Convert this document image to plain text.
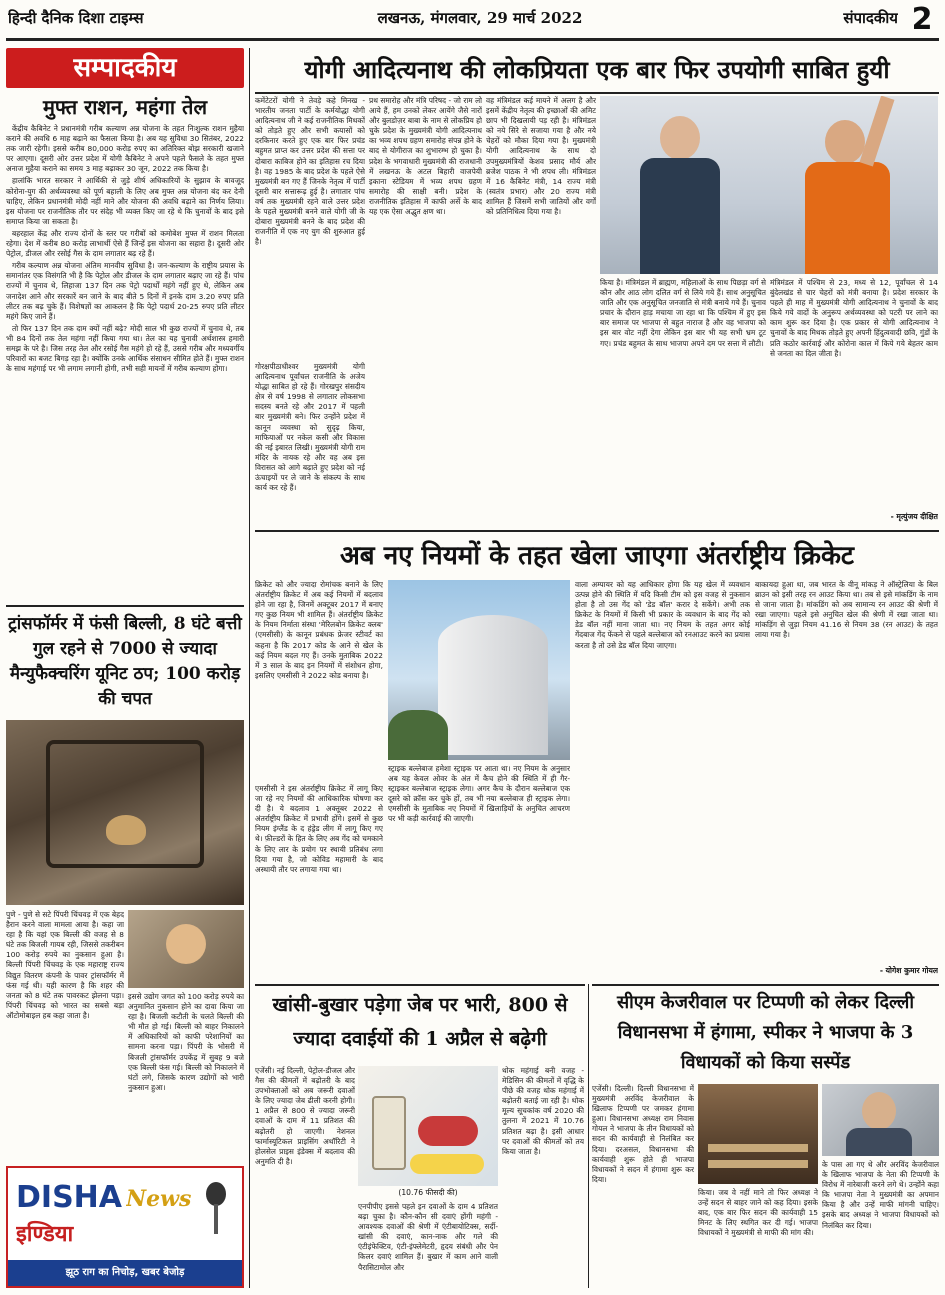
हिन्दी दैनिक दिशा टाइम्स	लखनऊ, मंगलवार, 29 मार्च 2022	संपादकीय 2
सम्पादकीय
मुफ्त राशन, महंगा तेल

केंद्रीय कैबिनेट ने प्रधानमंत्री गरीब कल्याण अन्न योजना के तहत निःशुल्क राशन मुहैया कराने की अवधि 6 माह बढ़ाने का फैसला किया है। अब यह सुविधा 30 सितंबर, 2022 तक जारी रहेगी। इससे करीब 80,000 करोड़ रुपए का अतिरिक्त बोझ सरकारी खजाने पर आएगा। दूसरी ओर उत्तर प्रदेश में योगी कैबिनेट ने अपने पहले फैसले के तहत मुफ्त अनाज मुहैया कराने का समय 3 माह बढ़ाकर 30 जून, 2022 तक किया है।

हालांकि भारत सरकार ने आर्थिकी से जुड़े शीर्ष अधिकारियों के सुझाव के बावजूद कोरोना-युग की अर्थव्यवस्था को पूर्ण बहाली के लिए अब मुफ्त अन्न योजना बंद कर देनी चाहिए, लेकिन प्रधानमंत्री मोदी नहीं माने और योजना की अवधि बढ़ाने का निर्णय लिया। इस योजना पर राजनीतिक तौर पर संदेह भी व्यक्त किए जा रहे थे कि चुनावों के बाद इसे समाप्त किया जा सकता है।

बहरहाल केंद्र और राज्य दोनों के स्तर पर गरीबों को कमोबेश मुफ्त में राशन मिलता रहेगा। देश में करीब 80 करोड़ लाभार्थी ऐसे हैं जिन्हें इस योजना का सहारा है। दूसरी ओर पेट्रोल, डीजल और रसोई गैस के दाम लगातार बढ़ रहे हैं।

गरीब कल्याण अन्न योजना अंतिम मानवीय सुविधा है। जन-कल्याण के राष्ट्रीय प्रयास के समानांतर एक विसंगति भी है कि पेट्रोल और डीजल के दाम लगातार बढ़ाए जा रहे हैं। पांच राज्यों में चुनाव थे, लिहाजा 137 दिन तक पेट्रो पदार्थों महंगे नहीं हुए थे, लेकिन अब जनादेश आने और सरकारें बन जाने के बाद बीते 5 दिनों में इनके दाम 3.20 रुपए प्रति लीटर तक बढ़ चुके हैं। विशेषज्ञों का आकलन है कि पेट्रो पदार्थ 20-25 रुपए प्रति लीटर महंगे किए जाने हैं।

तो फिर 137 दिन तक दाम क्यों नहीं बढ़े? मोदी साल भी कुछ राज्यों में चुनाव थे, तब भी 84 दिनों तक तेल महंगा नहीं किया गया था। तेल का यह चुनावी अर्थशास्त्र हमारी समझ के परे है। जिस तरह तेल और रसोई गैस महंगे हो रहे हैं, उससे गरीब और मध्यवर्गीय परिवारों का बजट बिगड़ रहा है। क्योंकि उनके आर्थिक संसाधन सीमित होते हैं। मुफ्त राशन के साथ महंगाई पर भी लगाम लगानी होगी, तभी सही मायनों में गरीब कल्याण होगा।

ट्रांसफॉर्मर में फंसी बिल्ली, 8 घंटे बत्ती गुल रहने से 7000 से ज्यादा मैन्युफैक्चरिंग यूनिट ठप; 100 करोड़ की चपत
पुणे - पुणे से सटे पिंपरी चिंचवड़ में एक बेहद हैरान करने वाला मामला आया है। कहा जा रहा है कि यहां एक बिल्ली की वजह से 8 घंटे तक बिजली गायब रही, जिससे तकरीबन 100 करोड़ रुपये का नुकसान हुआ है। बिल्ली पिंपरी चिंचवड़ के एक महाराष्ट्र राज्य विद्युत वितरण कंपनी के पावर ट्रांसफॉर्मर में फंस गई थी। यही कारण है कि शहर की जनता को 8 घंटे तक पावरकट झेलना पड़ा। पिंपरी चिंचवड़ को भारत का सबसे बड़ा ऑटोमोबाइल हब कहा जाता है।
इससे उद्योग जगत को 100 करोड़ रुपये का अनुमानित नुकसान होने का दावा किया जा रहा है। बिजली कटौती के चलते बिल्ली की भी मौत हो गई। बिल्ली को बाहर निकालने में अधिकारियों को काफी परेशानियों का सामना करना पड़ा। पिंपरी के भोसरी में बिजली ट्रांसफॉर्मर उपकेंद्र में सुबह 9 बजे एक बिल्ली फंस गई। बिल्ली को निकालने में घंटों लगे, जिसके कारण उद्योगों को भारी नुकसान हुआ।
DISHA News
इण्डिया
झूठ राग का निचोड़, खबर बेजोड़
योगी आदित्यनाथ की लोकप्रियता एक बार फिर उपयोगी साबित हुयी
कमेंटेटरों योगी ने तेवड़े कहे मिनख - भारतीय जनता पार्टी के कर्मयोद्धा योगी आदित्यनाथ जी ने कई राजनीतिक मिथकों को तोड़ते हुए और सभी कयासों को दरकिनार करते हुए एक बार फिर प्रचंड बहुमत प्राप्त कर उत्तर प्रदेश की सत्ता पर दोबारा काबिज होने का इतिहास रच दिया है। वह 1985 के बाद प्रदेश के पहले ऐसे मुख्यमंत्री बन गए हैं जिनके नेतृत्व में पार्टी दूसरी बार सत्तारूढ़ हुई है। लगातार पांच वर्ष तक मुख्यमंत्री रहने वाले उत्तर प्रदेश के पहले मुख्यमंत्री बनने वाले योगी जी के दोबारा मुख्यमंत्री बनने के बाद प्रदेश की राजनीति में एक नए युग की शुरुआत हुई है।
गोरक्षपीठाधीश्वर मुख्यमंत्री योगी आदित्यनाथ पूर्वांचल राजनीति के अजेय योद्धा साबित हो रहे हैं। गोरखपुर संसदीय क्षेत्र से वर्ष 1998 से लगातार लोकसभा सदस्य बनते रहे और 2017 में पहली बार मुख्यमंत्री बने। फिर उन्होंने प्रदेश में कानून व्यवस्था को सुदृढ़ किया, माफियाओं पर नकेल कसी और विकास की नई इबारत लिखी। मुख्यमंत्री योगी राम मंदिर के नायक रहे और वह अब इस विरासत को आगे बढ़ाते हुए प्रदेश को नई ऊंचाइयों पर ले जाने के संकल्प के साथ कार्य कर रहे हैं।
प्रथ समारोह और मंत्रि परिषद - जो राम लो आये हैं, हम उनको लेकर आयेंगे जैसे नारों और बुलडोज़र बाबा के नाम से लोकप्रिय हो चुके प्रदेश के मुख्यमंत्री योगी आदित्यनाथ का भव्य शपथ ग्रहण समारोह संपन्न होने के बाद से योगीराज का शुभारम्भ हो चुका है। प्रदेश के भगवाधारी मुख्यमंत्री की राजधानी में लखनऊ के अटल बिहारी वाजपेयी इकाना स्टेडियम में भव्य शपथ ग्रहण समारोह की साक्षी बनी। प्रदेश के राजनीतिक इतिहास में काफी अर्से के बाद यह एक ऐसा अद्भुत क्षण था।
वह मंत्रिमंडल कई मायने में अलग है और इसमें केंद्रीय नेतृत्व की इच्छाओं की अमिट छाप भी दिखलायी पड़ रही है। मंत्रिमंडल को नये सिरे से सजाया गया है और नये चेहरों को मौका दिया गया है। मुख्यमंत्री योगी आदित्यनाथ के साथ दो उपमुख्यमंत्रियों केशव प्रसाद मौर्य और ब्रजेश पाठक ने भी शपथ ली। मंत्रिमंडल में 16 कैबिनेट मंत्री, 14 राज्य मंत्री (स्वतंत्र प्रभार) और 20 राज्य मंत्री शामिल हैं जिसमें सभी जातियों और वर्गों को प्रतिनिधित्व दिया गया है।
किया है। मंत्रिमंडल में ब्राह्मण, महिलाओं के साथ पिछड़ा वर्ग से कौन और आठ लोग दलित वर्ग से लिये गये हैं। साथ अनुसूचित जाति और एक अनुसूचित जनजाति से मंत्री बनाये गये हैं। चुनाव प्रचार के दौरान हाड़ मचाया जा रहा था कि पश्चिम में हुए इस बार समाज पर भाजपा से बहुत नाराज है और वह भाजपा को इस बार वोट नहीं देगा लेकिन इस बार भी यह सभी भ्रम टूट गए। प्रचंड बहुमत के साथ भाजपा अपने दम पर सत्ता में लौटी।
मंत्रिमंडल में पश्चिम से 23, मध्य से 12, पूर्वांचल से 14 बुंदेलखंड से चार चेहरों को मंत्री बनाया है। प्रदेश सरकार के पहले ही माह में मुख्यमंत्री योगी आदित्यनाथ ने चुनावों के बाद किये गये वादों के अनुरूप अर्थव्यवस्था को पटरी पर लाने का काम शुरू कर दिया है। एक प्रकार से योगी आदित्यनाथ ने चुनावों के बाद मिथक तोड़ते हुए अपनी हिंदुत्ववादी छवि, गुंडों के प्रति कठोर कार्रवाई और कोरोना काल में किये गये बेहतर काम से जनता का दिल जीता है।
- मृत्युंजय दीक्षित
अब नए नियमों के तहत खेला जाएगा अंतर्राष्ट्रीय क्रिकेट
क्रिकेट को और ज्यादा रोमांचक बनाने के लिए अंतर्राष्ट्रीय क्रिकेट में अब कई नियमों में बदलाव होने जा रहा है, जिनमें अक्टूबर 2017 में बनाए गए कुछ नियम भी शामिल हैं। अंतर्राष्ट्रीय क्रिकेट के नियम निर्माता संस्था 'मेरिलबोन क्रिकेट क्लब' (एमसीसी) के कानून प्रबंधक फ्रेजर स्टीवर्ट का कहना है कि 2017 कोड के आने से खेल के कई नियम बदल गए हैं। उनके मुताबिक 2022 में 3 साल के बाद इन नियमों में संशोधन होगा, इसलिए एमसीसी ने 2022 कोड बनाया है।
एमसीसी ने इस अंतर्राष्ट्रीय क्रिकेट में लागू किए जा रहे नए नियमों की आधिकारिक घोषणा कर दी है। ये बदलाव 1 अक्तूबर 2022 से अंतर्राष्ट्रीय क्रिकेट में प्रभावी होंगे। इसमें से कुछ नियम इंग्लैंड के द हंड्रेड लीग में लागू किए गए थे। फ़ील्डरों के हित के लिए अब गेंद को चमकाने के लिए लार के प्रयोग पर स्थायी प्रतिबंध लगा दिया गया है, जो कोविड महामारी के बाद अस्थायी तौर पर लगाया गया था।
स्ट्राइक बल्लेबाज हमेशा स्ट्राइक पर आता था। नए नियम के अनुसार अब यह केवल ओवर के अंत में कैच होने की स्थिति में ही गैर-स्ट्राइकर बल्लेबाज स्ट्राइक लेगा। अगर कैच के दौरान बल्लेबाज एक दूसरे को क्रॉस कर चुके हों, तब भी नया बल्लेबाज ही स्ट्राइक लेगा। एमसीसी के मुताबिक नए नियमों में खिलाड़ियों के अनुचित आचरण पर भी कड़ी कार्रवाई की जाएगी।
वाला अम्पायर को यह आधिकार होगा कि यह खेल में व्यवधान उत्पन्न होने की स्थिति में यदि किसी टीम को इस वजह से नुकसान होता है तो उस गेंद को 'डेड बॉल' करार दे सकेंगे। अभी तक क्रिकेट के नियमों में किसी भी प्रकार के व्यवधान के बाद गेंद को डेड बॉल नहीं माना जाता था। नए नियम के तहत अगर कोई गेंदबाज गेंद फेंकने से पहले बल्लेबाज को रनआउट करने का प्रयास करता है तो उसे डेड बॉल दिया जाएगा।
बाकायदा हुआ था, जब भारत के वीनू मांकड़ ने ऑस्ट्रेलिया के बिल ब्राउन को इसी तरह रन आउट किया था। तब से इसे मांकडिंग के नाम से जाना जाता है। मांकडिंग को अब सामान्य रन आउट की श्रेणी में रखा जाएगा। पहले इसे अनुचित खेल की श्रेणी में रखा जाता था। मांकड़िंग से जुड़ा नियम 41.16 से नियम 38 (रन आउट) के तहत लाया गया है।
- योगेश कुमार गोयल
खांसी-बुखार पड़ेगा जेब पर भारी, 800 से ज्यादा दवाईयों की 1 अप्रैल से बढ़ेगी
एजेंसी। नई दिल्ली, पेट्रोल-डीजल और गैस की कीमतों में बढ़ोतरी के बाद उपभोक्ताओं को अब जरूरी दवाओं के लिए ज्यादा जेब ढीली करनी होगी। 1 अप्रैल से 800 से ज्यादा जरूरी दवाओं के दाम में 11 प्रतिशत की बढ़ोतरी हो जाएगी। नेशनल फार्मास्यूटिकल प्राइसिंग अथॉरिटी ने होलसेल प्राइस इंडेक्स में बदलाव की अनुमति दी है।
(10.76 फीसदी की)
एनपीपीए इससे पहले इन दवाओं के दाम 4 प्रतिशत बढ़ा चुका है। कौन-कौन सी दवाएं होंगी महंगी - आवश्यक दवाओं की श्रेणी में एंटीबायोटिक्स, सर्दी-खांसी की दवाएं, कान-नाक और गले की एंटीइंफेक्टिव, एंटी-इंफ्लेमेटरी, हृदय संबंधी और पेन किलर दवाएं शामिल हैं। बुखार में काम आने वाली पैरासिटामोल और
थोक महंगाई बनी वजह - मेडिसिन की कीमतों में वृद्धि के पीछे की वजह थोक महंगाई में बढ़ोतरी बताई जा रही है। थोक मूल्य सूचकांक वर्ष 2020 की तुलना में 2021 में 10.76 प्रतिशत बढ़ा है। इसी आधार पर दवाओं की कीमतों को तय किया जाता है।
सीएम केजरीवाल पर टिप्पणी को लेकर दिल्ली विधानसभा में हंगामा, स्पीकर ने भाजपा के 3 विधायकों को किया सस्पेंड
एजेंसी। दिल्ली। दिल्ली विधानसभा में मुख्यमंत्री अरविंद केजरीवाल के खिलाफ टिप्पणी पर जमकर हंगामा हुआ। विधानसभा अध्यक्ष राम निवास गोयल ने भाजपा के तीन विधायकों को सदन की कार्यवाही से निलंबित कर दिया। दरअसल, विधानसभा की कार्यवाही शुरू होते ही भाजपा विधायकों ने सदन में हंगामा शुरू कर दिया।
किया। जब वे नहीं माने तो फिर अध्यक्ष ने उन्हें सदन से बाहर जाने को कह दिया। इसके बाद, एक बार फिर सदन की कार्यवाही 15 मिनट के लिए स्थगित कर दी गई। भाजपा विधायकों ने मुख्यमंत्री से माफी की मांग की।
के पास आ गए थे और अरविंद केजरीवाल के खिलाफ भाजपा के नेता की टिप्पणी के विरोध में नारेबाजी करने लगे थे। उन्होंने कहा कि भाजपा नेता ने मुख्यमंत्री का अपमान किया है और उन्हें माफी मांगनी चाहिए। इसके बाद अध्यक्ष ने भाजपा विधायकों को निलंबित कर दिया।
